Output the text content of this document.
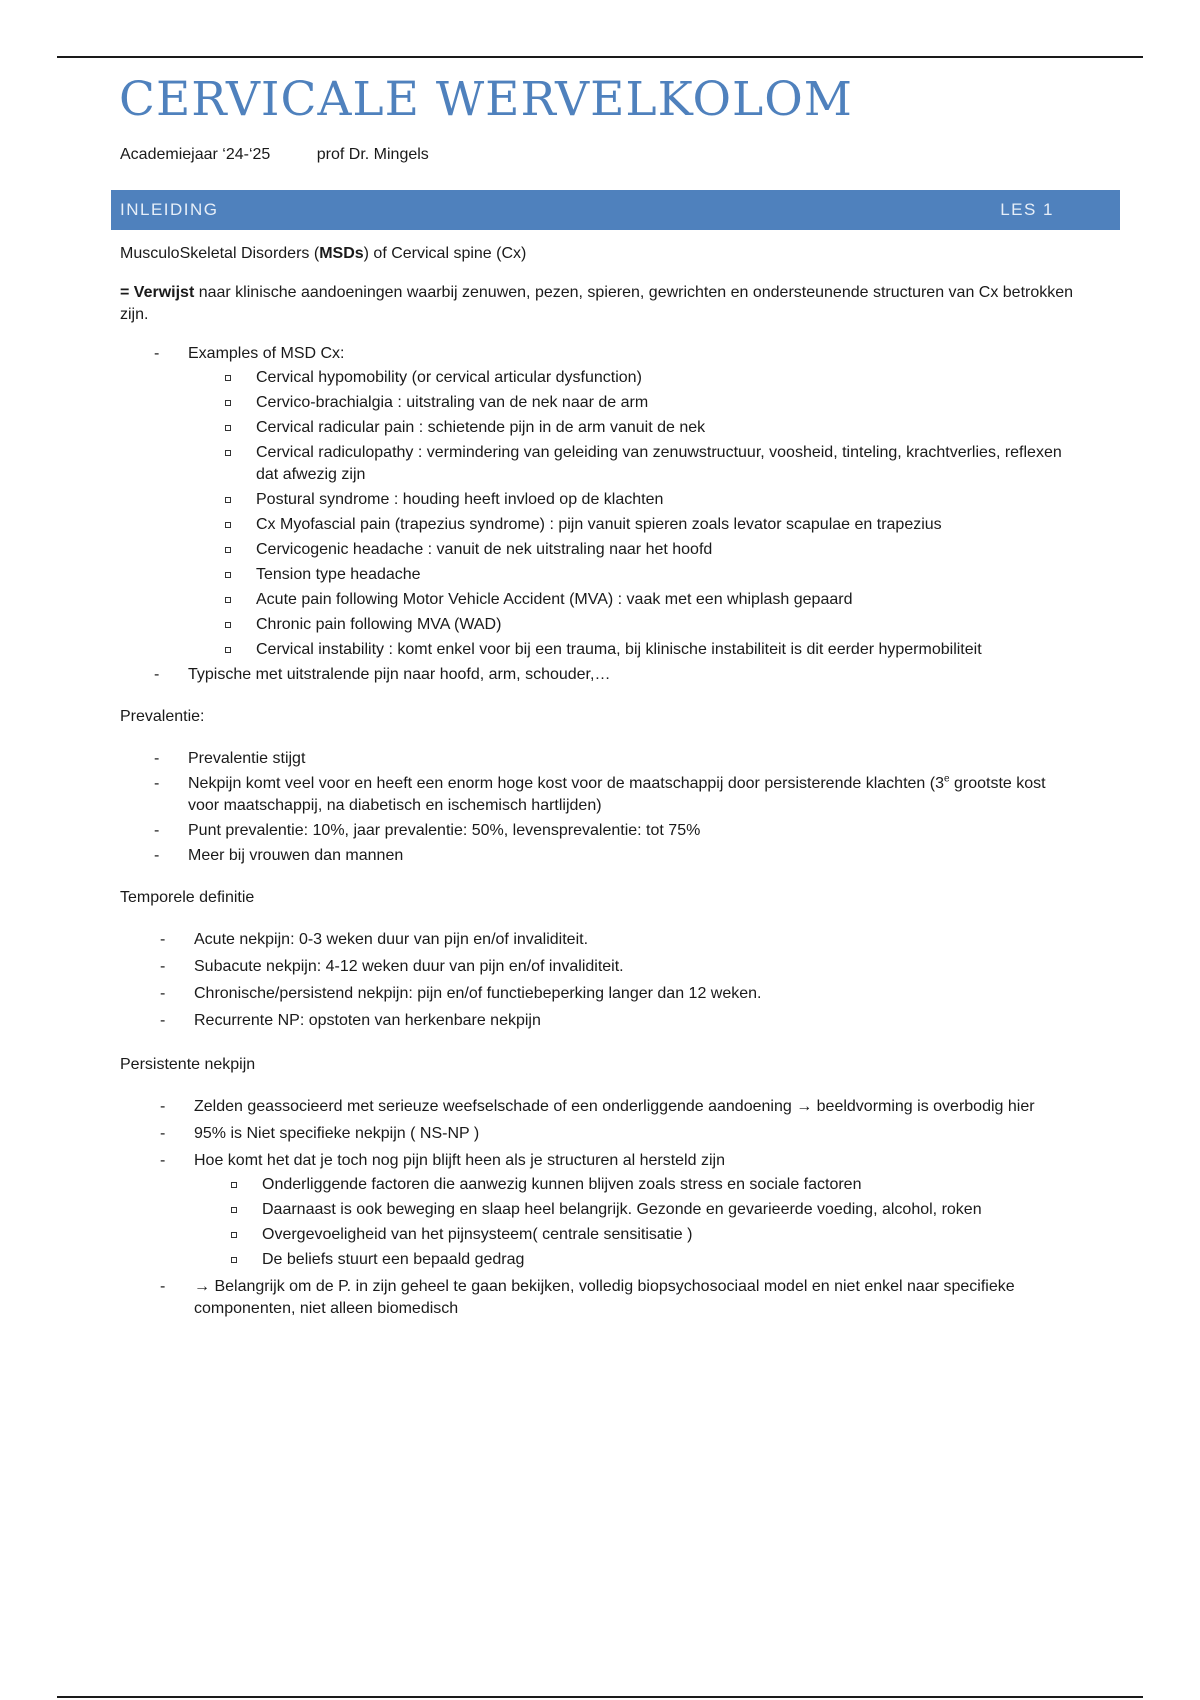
CERVICALE WERVELKOLOM
Academiejaar ‘24-‘25	prof Dr. Mingels
INLEIDING	LES 1

MusculoSkeletal Disorders (MSDs) of Cervical spine (Cx)

= Verwijst naar klinische aandoeningen waarbij zenuwen, pezen, spieren, gewrichten en ondersteunende structuren van Cx betrokken zijn.

- Examples of MSD Cx:
Cervical hypomobility (or cervical articular dysfunction)
Cervico-brachialgia : uitstraling van de nek naar de arm
Cervical radicular pain : schietende pijn in de arm vanuit de nek
Cervical radiculopathy : vermindering van geleiding van zenuwstructuur, voosheid, tinteling, krachtverlies, reflexen dat afwezig zijn
Postural syndrome : houding heeft invloed op de klachten
Cx Myofascial pain (trapezius syndrome) : pijn vanuit spieren zoals levator scapulae en trapezius
Cervicogenic headache : vanuit de nek uitstraling naar het hoofd
Tension type headache
Acute pain following Motor Vehicle Accident (MVA) : vaak met een whiplash gepaard
Chronic pain following MVA (WAD)
Cervical instability : komt enkel voor bij een trauma, bij klinische instabiliteit is dit eerder hypermobiliteit
- Typische met uitstralende pijn naar hoofd, arm, schouder,…

Prevalentie:

- Prevalentie stijgt
- Nekpijn komt veel voor en heeft een enorm hoge kost voor de maatschappij door persisterende klachten (3e grootste kost voor maatschappij, na diabetisch en ischemisch hartlijden)
- Punt prevalentie: 10%, jaar prevalentie: 50%, levensprevalentie: tot 75%
- Meer bij vrouwen dan mannen

Temporele definitie

- Acute nekpijn: 0-3 weken duur van pijn en/of invaliditeit.
- Subacute nekpijn: 4-12 weken duur van pijn en/of invaliditeit.
- Chronische/persistend nekpijn: pijn en/of functiebeperking langer dan 12 weken.
- Recurrente NP: opstoten van herkenbare nekpijn

Persistente nekpijn

- Zelden geassocieerd met serieuze weefselschade of een onderliggende aandoening → beeldvorming is overbodig hier
- 95% is Niet specifieke nekpijn ( NS-NP )
- Hoe komt het dat je toch nog pijn blijft heen als je structuren al hersteld zijn
Onderliggende factoren die aanwezig kunnen blijven zoals stress en sociale factoren
Daarnaast is ook beweging en slaap heel belangrijk. Gezonde en gevarieerde voeding, alcohol, roken
Overgevoeligheid van het pijnsysteem( centrale sensitisatie )
De beliefs stuurt een bepaald gedrag
- → Belangrijk om de P. in zijn geheel te gaan bekijken, volledig biopsychosociaal model en niet enkel naar specifieke componenten, niet alleen biomedisch
